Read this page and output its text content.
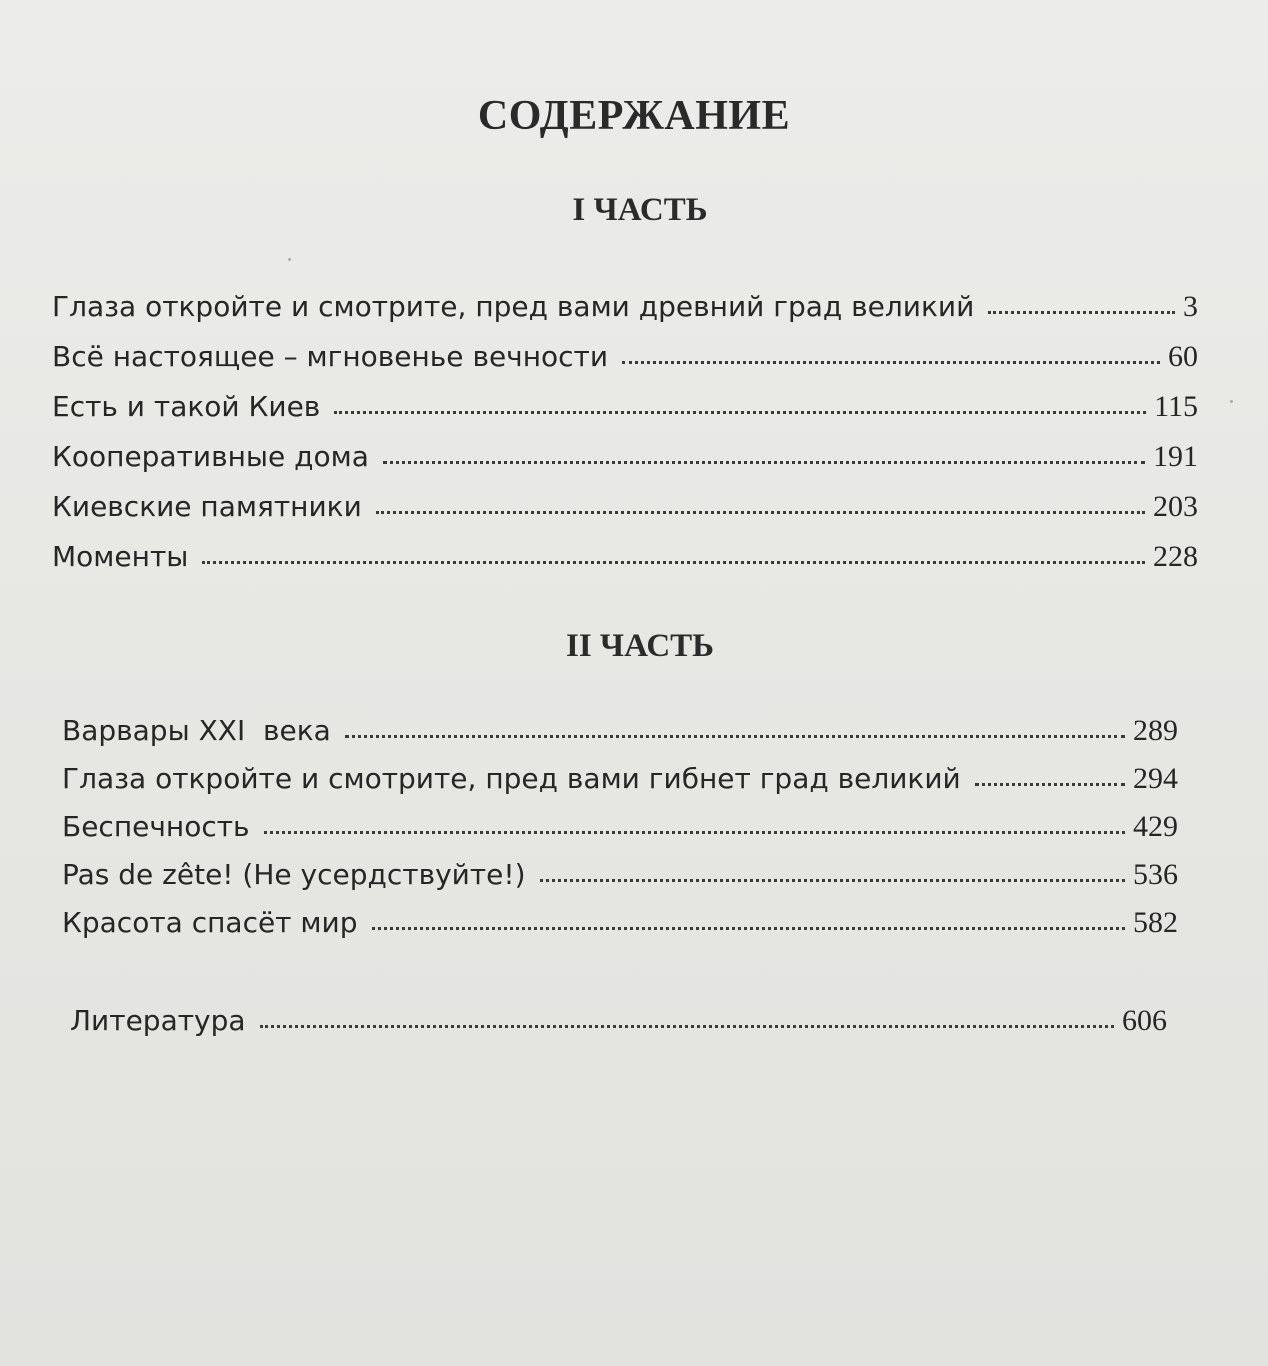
СОДЕРЖАНИЕ
I ЧАСТЬ
Глаза откройте и смотрите, пред вами древний град великий	3
Всё настоящее – мгновенье вечности	60
Есть и такой Киев	115
Кооперативные дома	191
Киевские памятники	203
Моменты	228
II ЧАСТЬ
Варвары XXI  века	289
Глаза откройте и смотрите, пред вами гибнет град великий	294
Беспечность	429
Pas de zête! (Не усердствуйте!)	536
Красота спасёт мир	582
Литература	606
